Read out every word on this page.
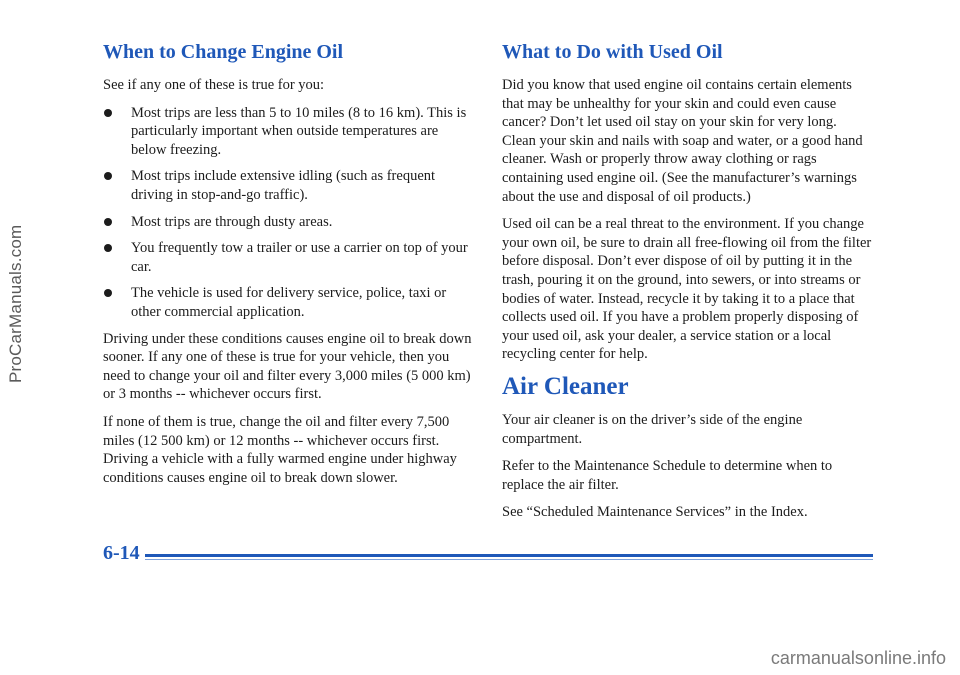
When to Change Engine Oil

See if any one of these is true for you:

Most trips are less than 5 to 10 miles (8 to 16 km). This is particularly important when outside temperatures are below freezing.
Most trips include extensive idling (such as frequent driving in stop-and-go traffic).
Most trips are through dusty areas.
You frequently tow a trailer or use a carrier on top of your car.
The vehicle is used for delivery service, police, taxi or other commercial application.

Driving under these conditions causes engine oil to break down sooner. If any one of these is true for your vehicle, then you need to change your oil and filter every 3,000 miles (5 000 km) or 3 months -- whichever occurs first.

If none of them is true, change the oil and filter every 7,500 miles (12 500 km) or 12 months -- whichever occurs first. Driving a vehicle with a fully warmed engine under highway conditions causes engine oil to break down slower.

What to Do with Used Oil

Did you know that used engine oil contains certain elements that may be unhealthy for your skin and could even cause cancer? Don’t let used oil stay on your skin for very long. Clean your skin and nails with soap and water, or a good hand cleaner. Wash or properly throw away clothing or rags containing used engine oil. (See the manufacturer’s warnings about the use and disposal of oil products.)

Used oil can be a real threat to the environment. If you change your own oil, be sure to drain all free-flowing oil from the filter before disposal. Don’t ever dispose of oil by putting it in the trash, pouring it on the ground, into sewers, or into streams or bodies of water. Instead, recycle it by taking it to a place that collects used oil. If you have a problem properly disposing of your used oil, ask your dealer, a service station or a local recycling center for help.

Air Cleaner

Your air cleaner is on the driver’s side of the engine compartment.

Refer to the Maintenance Schedule to determine when to replace the air filter.

See “Scheduled Maintenance Services” in the Index.

6-14
ProCarManuals.com
carmanualsonline.info
